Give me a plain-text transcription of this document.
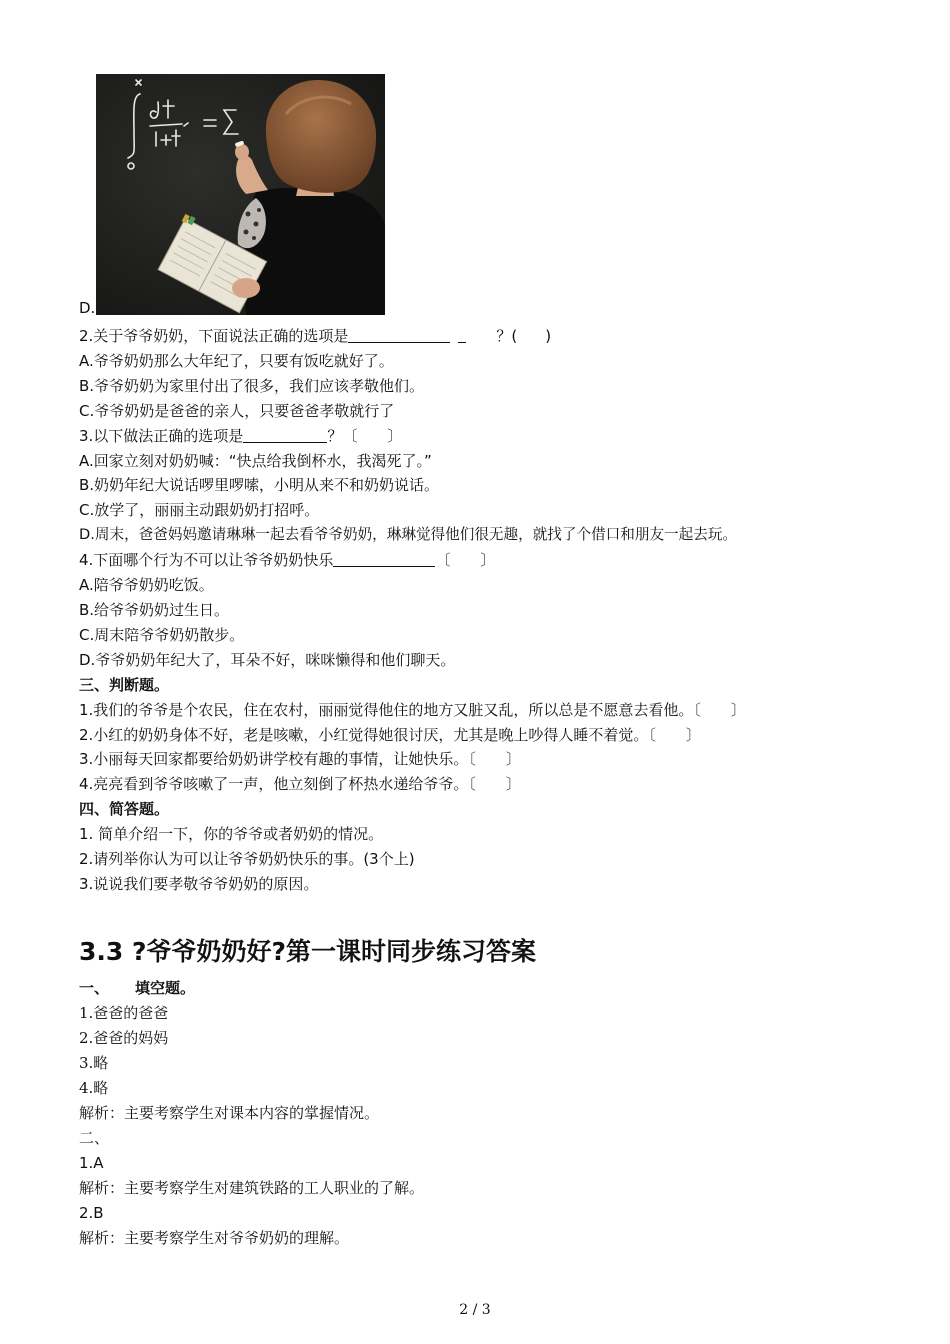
D.
2.关于爷爷奶奶，下面说法正确的选项是	？( )
A.爷爷奶奶那么大年纪了，只要有饭吃就好了。
B.爷爷奶奶为家里付出了很多，我们应该孝敬他们。
C.爷爷奶奶是爸爸的亲人，只要爸爸孝敬就行了
3.以下做法正确的选项是	？〔　　〕
A.回家立刻对奶奶喊：“快点给我倒杯水，我渴死了。”
B.奶奶年纪大说话啰里啰嗦，小明从来不和奶奶说话。
C.放学了，丽丽主动跟奶奶打招呼。
D.周末，爸爸妈妈邀请琳琳一起去看爷爷奶奶，琳琳觉得他们很无趣，就找了个借口和朋友一起去玩。
4.下面哪个行为不可以让爷爷奶奶快乐	〔　　〕
A.陪爷爷奶奶吃饭。
B.给爷爷奶奶过生日。
C.周末陪爷爷奶奶散步。
D.爷爷奶奶年纪大了，耳朵不好，咪咪懒得和他们聊天。
三、判断题。
1.我们的爷爷是个农民，住在农村，丽丽觉得他住的地方又脏又乱，所以总是不愿意去看他。〔　　〕
2.小红的奶奶身体不好，老是咳嗽，小红觉得她很讨厌，尤其是晚上吵得人睡不着觉。〔　　〕
3.小丽每天回家都要给奶奶讲学校有趣的事情，让她快乐。〔　　〕
4.亮亮看到爷爷咳嗽了一声，他立刻倒了杯热水递给爷爷。〔　　〕
四、简答题。
1. 简单介绍一下，你的爷爷或者奶奶的情况。
2.请列举你认为可以让爷爷奶奶快乐的事。(3个上)
3.说说我们要孝敬爷爷奶奶的原因。
3.3 ?爷爷奶奶好?第一课时同步练习答案
一、 填空题。
1.爸爸的爸爸
2.爸爸的妈妈
3.略
4.略
解析：主要考察学生对课本内容的掌握情况。
二、
1.A
解析：主要考察学生对建筑铁路的工人职业的了解。
2.B
解析：主要考察学生对爷爷奶奶的理解。
2 / 3
